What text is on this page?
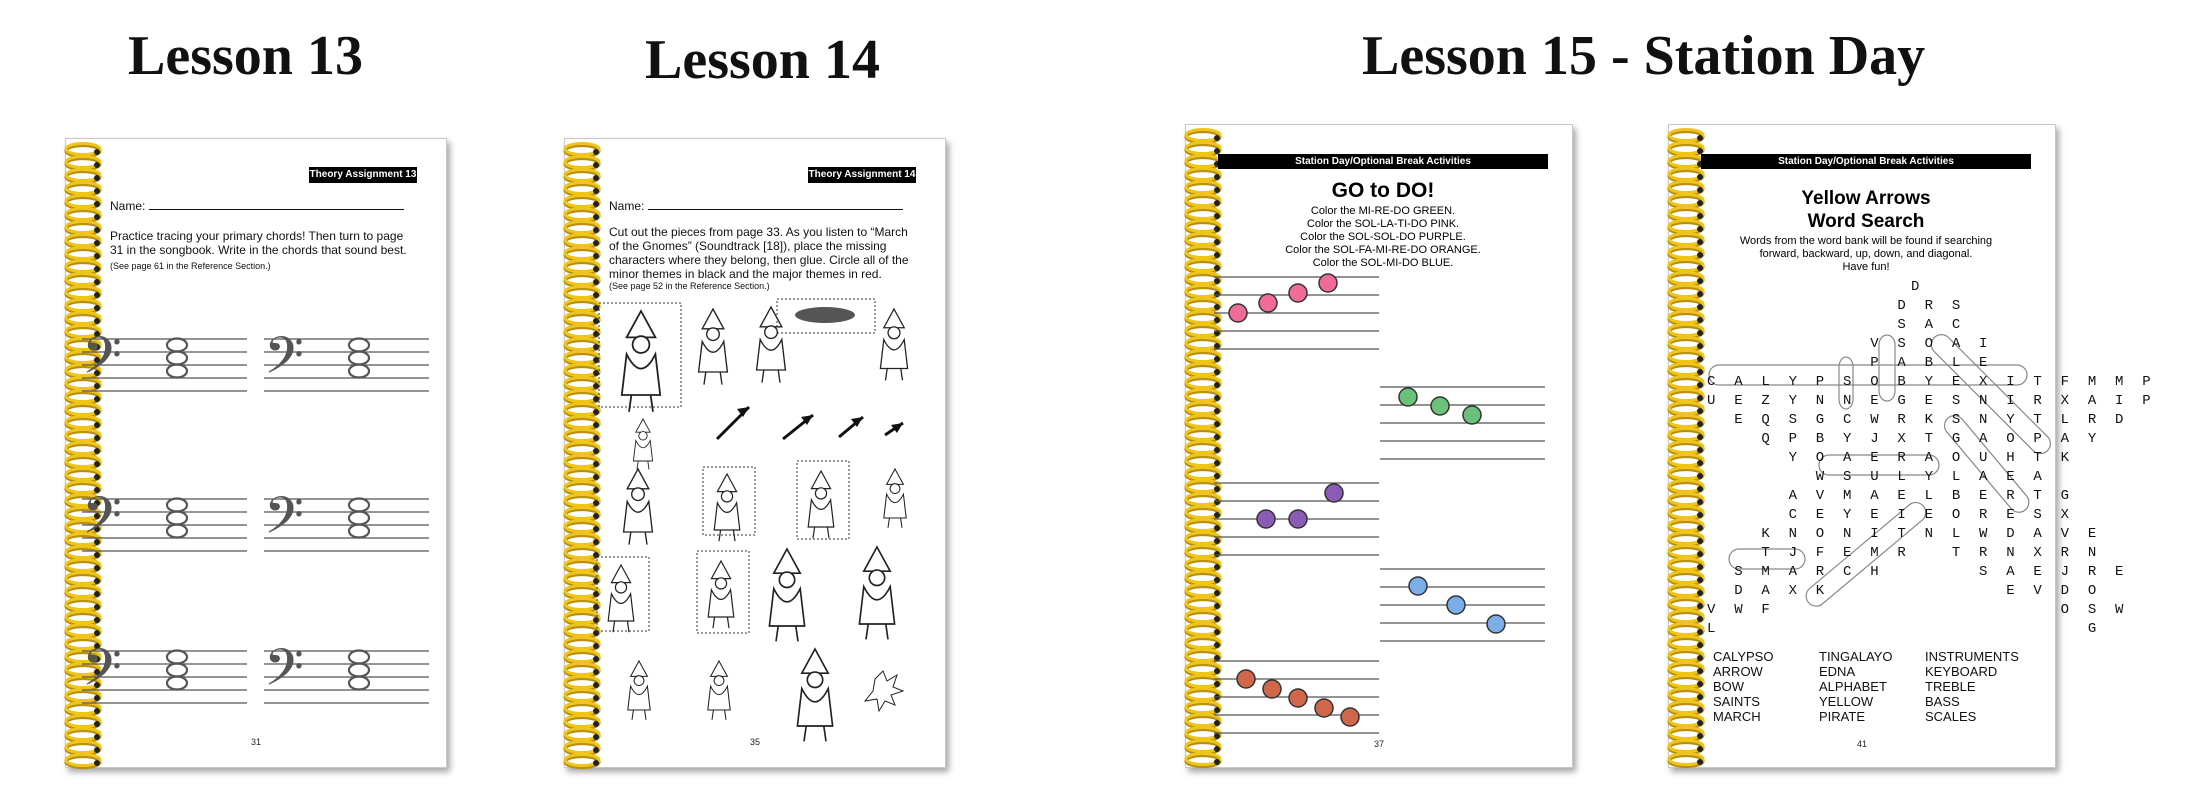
Lesson 13	Lesson 14	Lesson 15 - Station Day
Theory Assignment 13
Name:
Practice tracing your primary chords! Then turn to page 31 in the songbook. Write in the chords that sound best.
(See page 61 in the Reference Section.)
𝄢 𝄢
𝄢 𝄢
𝄢 𝄢
31
Theory Assignment 14
Name:
Cut out the pieces from page 33. As you listen to “March of the Gnomes” (Soundtrack [18]), place the missing characters where they belong, then glue. Circle all of the minor themes in black and the major themes in red.
(See page 52 in the Reference Section.)
35
Station Day/Optional Break Activities
GO to DO!
Color the MI-RE-DO GREEN.
Color the SOL-LA-TI-DO PINK.
Color the SOL-SOL-DO PURPLE.
Color the SOL-FA-MI-RE-DO ORANGE.
Color the SOL-MI-DO BLUE.
37
Station Day/Optional Break Activities
Yellow Arrows
Word Search
Words from the word bank will be found if searching
forward, backward, up, down, and diagonal.
Have fun!
D
D R S
S A C
V S O A I
P A B L E
C A L Y P S O B Y E X I T F M M P
U E Z Y N N E G E S N I R X A I P
E Q S G C W R K S N Y T L R D
Q P B Y J X T G A O P A Y
Y O A E R A O U H T K
W S U L Y L A E A
A V M A E L B E R T G
C E Y E I E O R E S X
K N O N I T N L W D A V E
T J F E M R   T R N X R N
S M A R C H       S A E J R E
D A X K             E V D O
V W F                     O S W
L                           G
CALYPSO
ARROW
BOW
SAINTS
MARCH
TINGALAYO
EDNA
ALPHABET
YELLOW
PIRATE
INSTRUMENTS
KEYBOARD
TREBLE
BASS
SCALES
41
